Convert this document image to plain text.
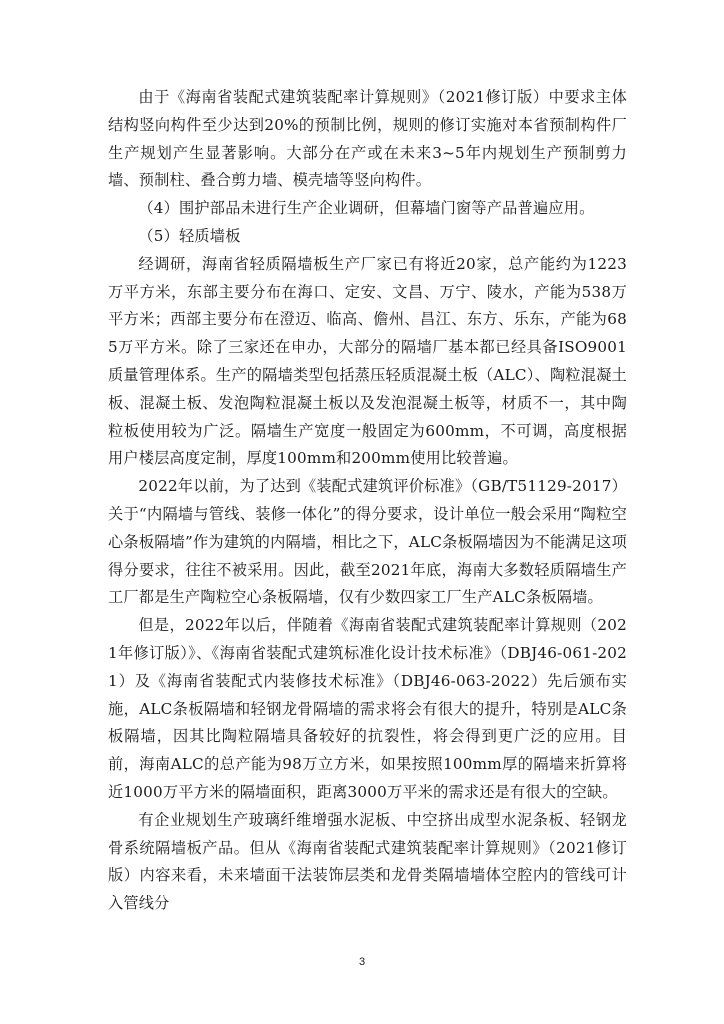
由于《海南省装配式建筑装配率计算规则》（2021修订版）中要求主体结构竖向构件至少达到20%的预制比例，规则的修订实施对本省预制构件厂生产规划产生显著影响。大部分在产或在未来3~5年内规划生产预制剪力墙、预制柱、叠合剪力墙、模壳墙等竖向构件。

（4）围护部品未进行生产企业调研，但幕墙门窗等产品普遍应用。

（5）轻质墙板

经调研，海南省轻质隔墙板生产厂家已有将近20家，总产能约为1223万平方米，东部主要分布在海口、定安、文昌、万宁、陵水，产能为538万平方米；西部主要分布在澄迈、临高、儋州、昌江、东方、乐东，产能为685万平方米。除了三家还在申办，大部分的隔墙厂基本都已经具备ISO9001质量管理体系。生产的隔墙类型包括蒸压轻质混凝土板（ALC）、陶粒混凝土板、混凝土板、发泡陶粒混凝土板以及发泡混凝土板等，材质不一，其中陶粒板使用较为广泛。隔墙生产宽度一般固定为600mm，不可调，高度根据用户楼层高度定制，厚度100mm和200mm使用比较普遍。

2022年以前，为了达到《装配式建筑评价标准》（GB/T51129-2017）关于“内隔墙与管线、装修一体化”的得分要求，设计单位一般会采用“陶粒空心条板隔墙”作为建筑的内隔墙，相比之下，ALC条板隔墙因为不能满足这项得分要求，往往不被采用。因此，截至2021年底，海南大多数轻质隔墙生产工厂都是生产陶粒空心条板隔墙，仅有少数四家工厂生产ALC条板隔墙。

但是，2022年以后，伴随着《海南省装配式建筑装配率计算规则（2021年修订版）》、《海南省装配式建筑标准化设计技术标准》（DBJ46-061-2021）及《海南省装配式内装修技术标准》（DBJ46-063-2022）先后颁布实施，ALC条板隔墙和轻钢龙骨隔墙的需求将会有很大的提升，特别是ALC条板隔墙，因其比陶粒隔墙具备较好的抗裂性，将会得到更广泛的应用。目前，海南ALC的总产能为98万立方米，如果按照100mm厚的隔墙来折算将近1000万平方米的隔墙面积，距离3000万平米的需求还是有很大的空缺。

有企业规划生产玻璃纤维增强水泥板、中空挤出成型水泥条板、轻钢龙骨系统隔墙板产品。但从《海南省装配式建筑装配率计算规则》（2021修订版）内容来看，未来墙面干法装饰层类和龙骨类隔墙墙体空腔内的管线可计入管线分

3
